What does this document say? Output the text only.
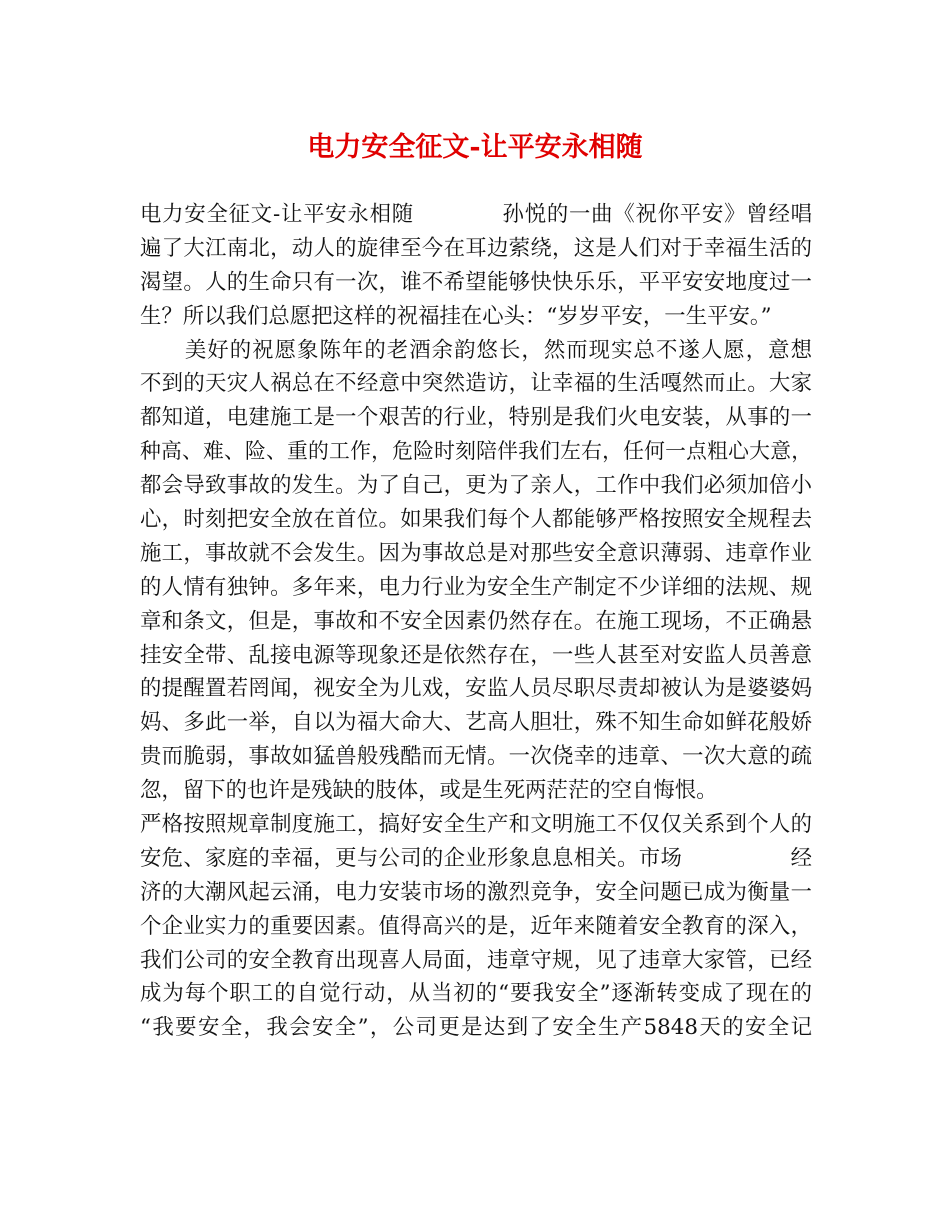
电力安全征文-让平安永相随
电力安全征文-让平安永相随　　　　孙悦的一曲《祝你平安》曾经唱
遍了大江南北，动人的旋律至今在耳边萦绕，这是人们对于幸福生活的
渴望。人的生命只有一次，谁不希望能够快快乐乐，平平安安地度过一
生？所以我们总愿把这样的祝福挂在心头：“岁岁平安，一生平安。”
　　美好的祝愿象陈年的老酒余韵悠长，然而现实总不遂人愿，意想
不到的天灾人祸总在不经意中突然造访，让幸福的生活嘎然而止。大家
都知道，电建施工是一个艰苦的行业，特别是我们火电安装，从事的一
种高、难、险、重的工作，危险时刻陪伴我们左右，任何一点粗心大意，
都会导致事故的发生。为了自己，更为了亲人，工作中我们必须加倍小
心，时刻把安全放在首位。如果我们每个人都能够严格按照安全规程去
施工，事故就不会发生。因为事故总是对那些安全意识薄弱、违章作业
的人情有独钟。多年来，电力行业为安全生产制定不少详细的法规、规
章和条文，但是，事故和不安全因素仍然存在。在施工现场，不正确悬
挂安全带、乱接电源等现象还是依然存在，一些人甚至对安监人员善意
的提醒置若罔闻，视安全为儿戏，安监人员尽职尽责却被认为是婆婆妈
妈、多此一举，自以为福大命大、艺高人胆壮，殊不知生命如鲜花般娇
贵而脆弱，事故如猛兽般残酷而无情。一次侥幸的违章、一次大意的疏
忽，留下的也许是残缺的肢体，或是生死两茫茫的空自悔恨。
严格按照规章制度施工，搞好安全生产和文明施工不仅仅关系到个人的
安危、家庭的幸福，更与公司的企业形象息息相关。市场　　　　　经
济的大潮风起云涌，电力安装市场的激烈竞争，安全问题已成为衡量一
个企业实力的重要因素。值得高兴的是，近年来随着安全教育的深入，
我们公司的安全教育出现喜人局面，违章守规，见了违章大家管，已经
成为每个职工的自觉行动，从当初的“要我安全”逐渐转变成了现在的
“我要安全，我会安全”，公司更是达到了安全生产5848天的安全记
